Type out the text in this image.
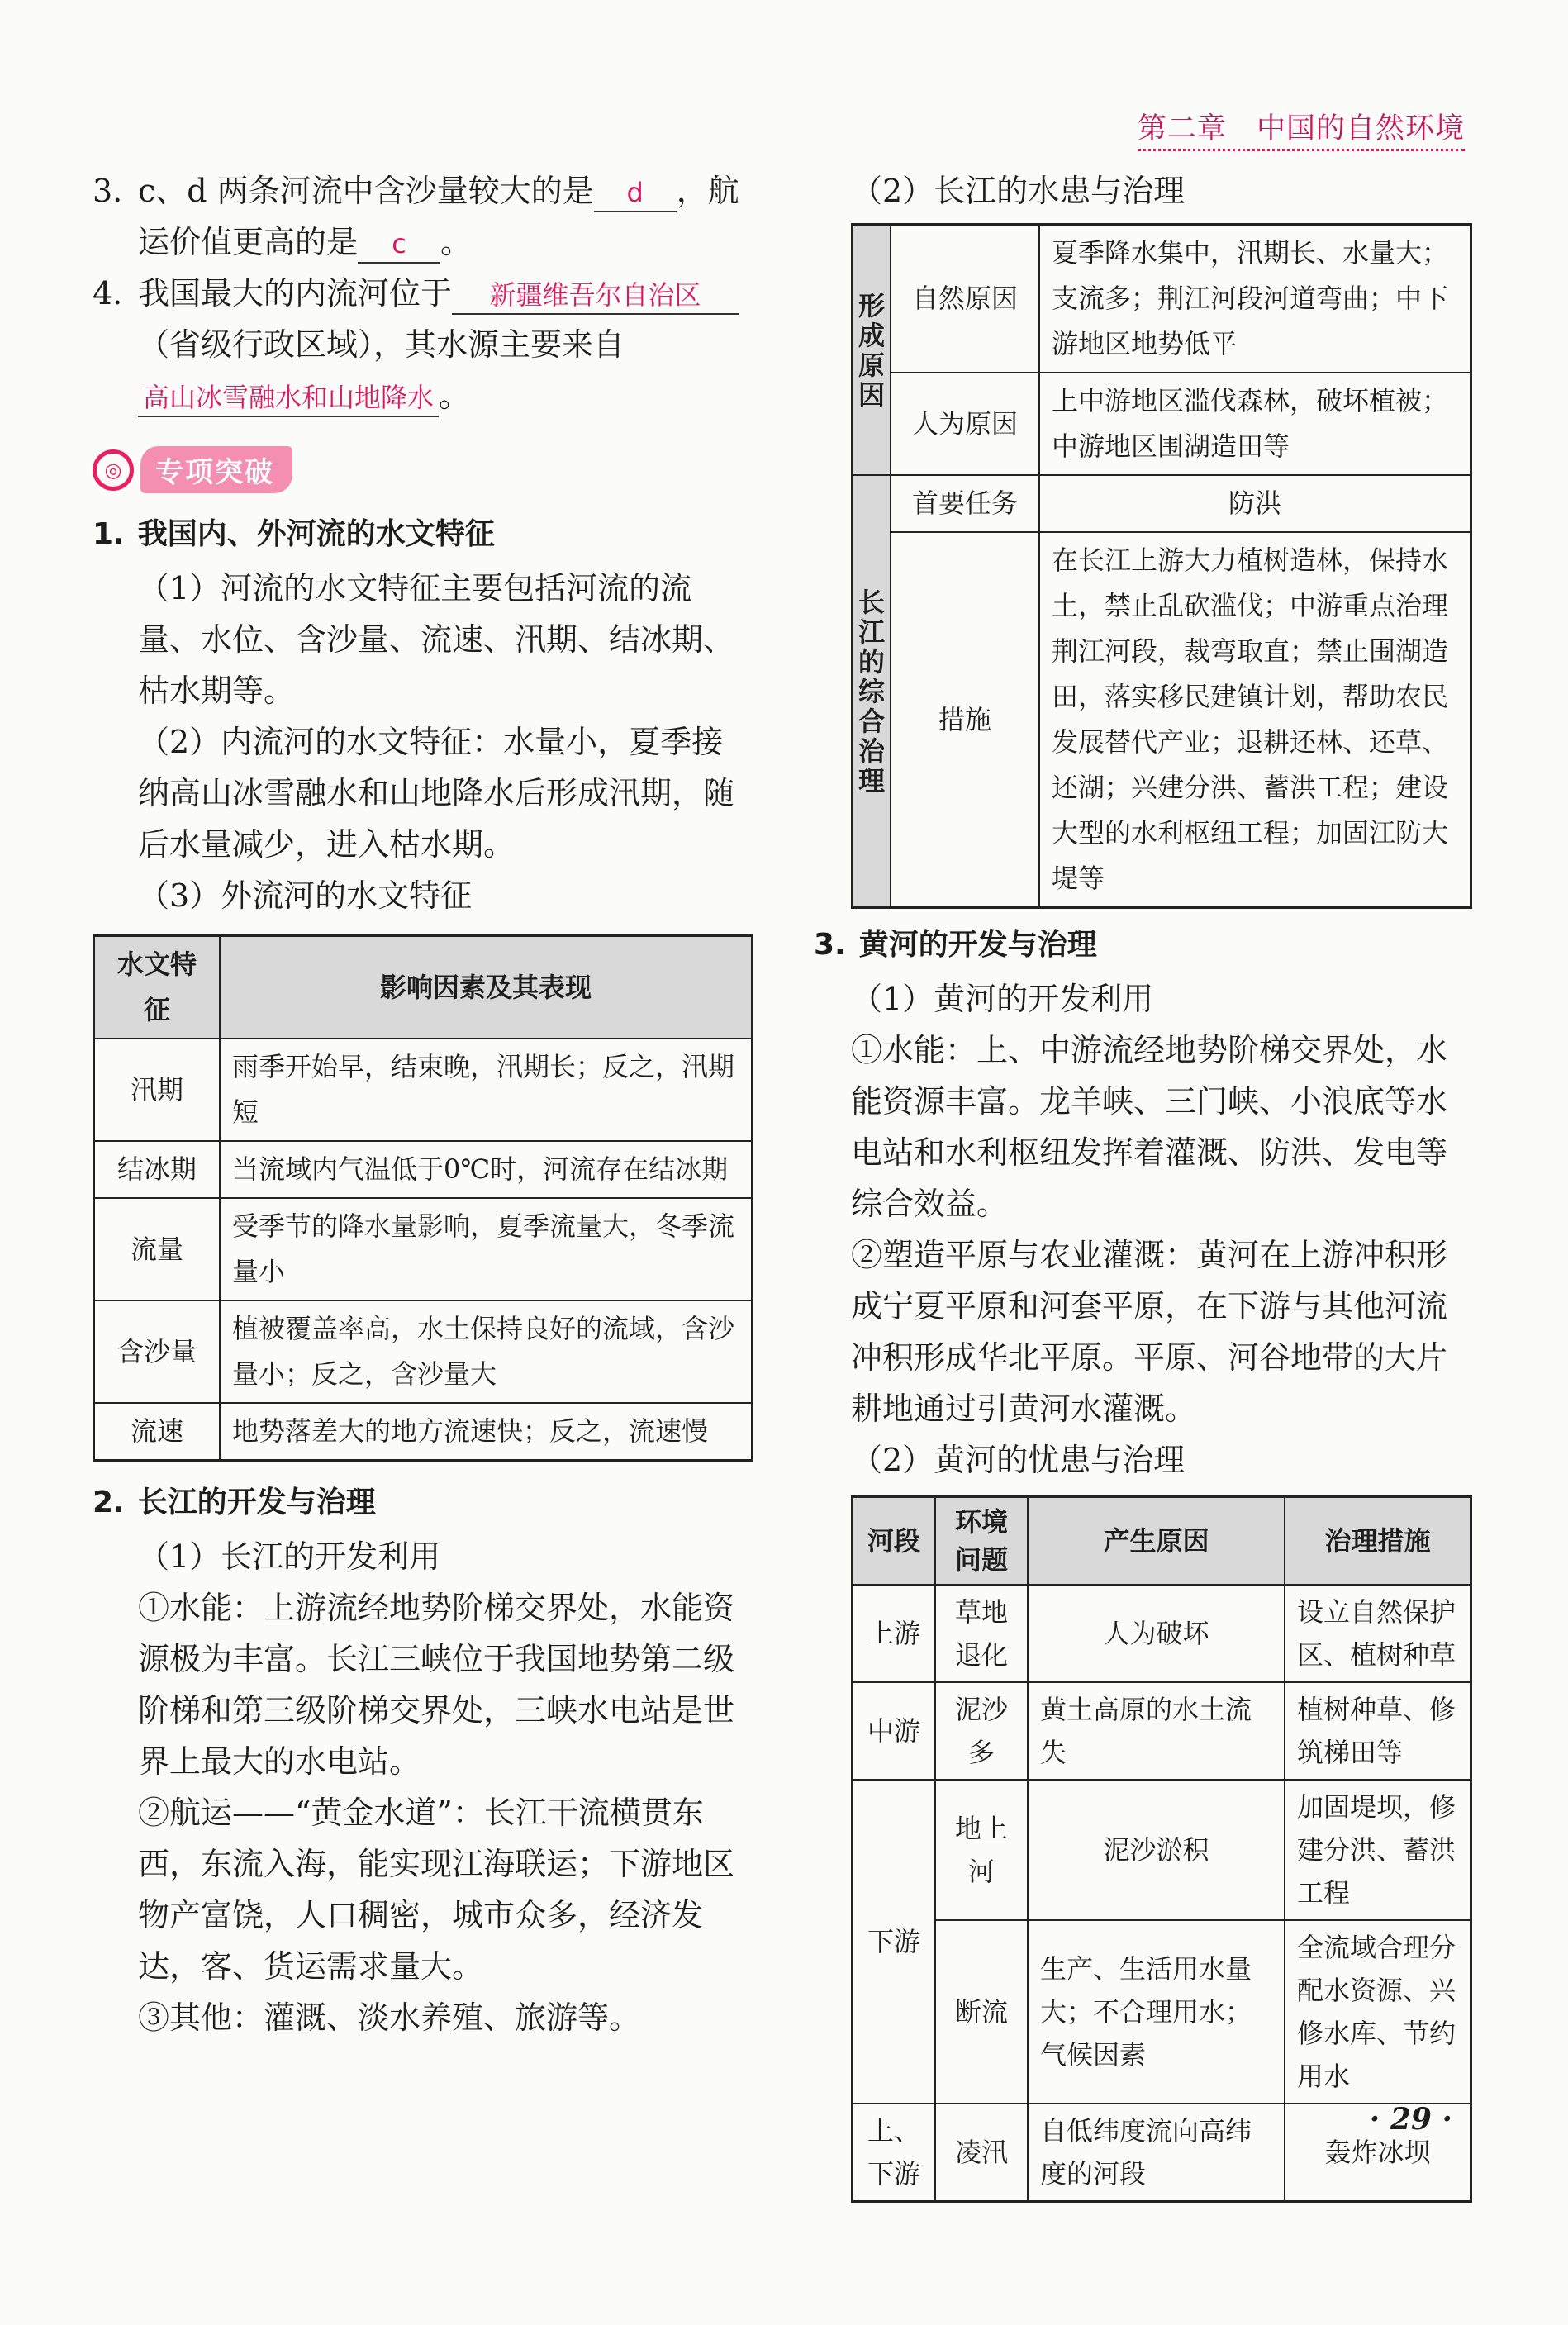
第二章　中国的自然环境

3. c、d 两条河流中含沙量较大的是 d ，航运价值更高的是 c 。

4. 我国最大的内流河位于 新疆维吾尔自治区（省级行政区域），其水源主要来自高山冰雪融水和山地降水 。

◎	专项突破
1. 我国内、外河流的水文特征

（1）河流的水文特征主要包括河流的流量、水位、含沙量、流速、汛期、结冰期、枯水期等。

（2）内流河的水文特征：水量小，夏季接纳高山冰雪融水和山地降水后形成汛期，随后水量减少，进入枯水期。

（3）外流河的水文特征

水文特征	影响因素及其表现
汛期	雨季开始早，结束晚，汛期长；反之，汛期短
结冰期	当流域内气温低于0℃时，河流存在结冰期
流量	受季节的降水量影响，夏季流量大，冬季流量小
含沙量	植被覆盖率高，水土保持良好的流域，含沙量小；反之，含沙量大
流速	地势落差大的地方流速快；反之，流速慢
2. 长江的开发与治理

（1）长江的开发利用

①水能：上游流经地势阶梯交界处，水能资源极为丰富。长江三峡位于我国地势第二级阶梯和第三级阶梯交界处，三峡水电站是世界上最大的水电站。

②航运——“黄金水道”：长江干流横贯东西，东流入海，能实现江海联运；下游地区物产富饶，人口稠密，城市众多，经济发达，客、货运需求量大。

③其他：灌溉、淡水养殖、旅游等。

（2）长江的水患与治理

形成原因	自然原因	夏季降水集中，汛期长、水量大；支流多；荆江河段河道弯曲；中下游地区地势低平
	人为原因	上中游地区滥伐森林，破坏植被；中游地区围湖造田等
长江的综合治理	首要任务	防洪
	措施	在长江上游大力植树造林，保持水土，禁止乱砍滥伐；中游重点治理荆江河段，裁弯取直；禁止围湖造田，落实移民建镇计划，帮助农民发展替代产业；退耕还林、还草、还湖；兴建分洪、蓄洪工程；建设大型的水利枢纽工程；加固江防大堤等
3. 黄河的开发与治理

（1）黄河的开发利用

①水能：上、中游流经地势阶梯交界处，水能资源丰富。龙羊峡、三门峡、小浪底等水电站和水利枢纽发挥着灌溉、防洪、发电等综合效益。

②塑造平原与农业灌溉：黄河在上游冲积形成宁夏平原和河套平原，在下游与其他河流冲积形成华北平原。平原、河谷地带的大片耕地通过引黄河水灌溉。

（2）黄河的忧患与治理

河段	环境问题	产生原因	治理措施
上游	草地退化	人为破坏	设立自然保护区、植树种草
中游	泥沙多	黄土高原的水土流失	植树种草、修筑梯田等
下游	地上河	泥沙淤积	加固堤坝，修建分洪、蓄洪工程
	断流	生产、生活用水量大；不合理用水；气候因素	全流域合理分配水资源、兴修水库、节约用水
上、下游	凌汛	自低纬度流向高纬度的河段	轰炸冰坝
· 29 ·
